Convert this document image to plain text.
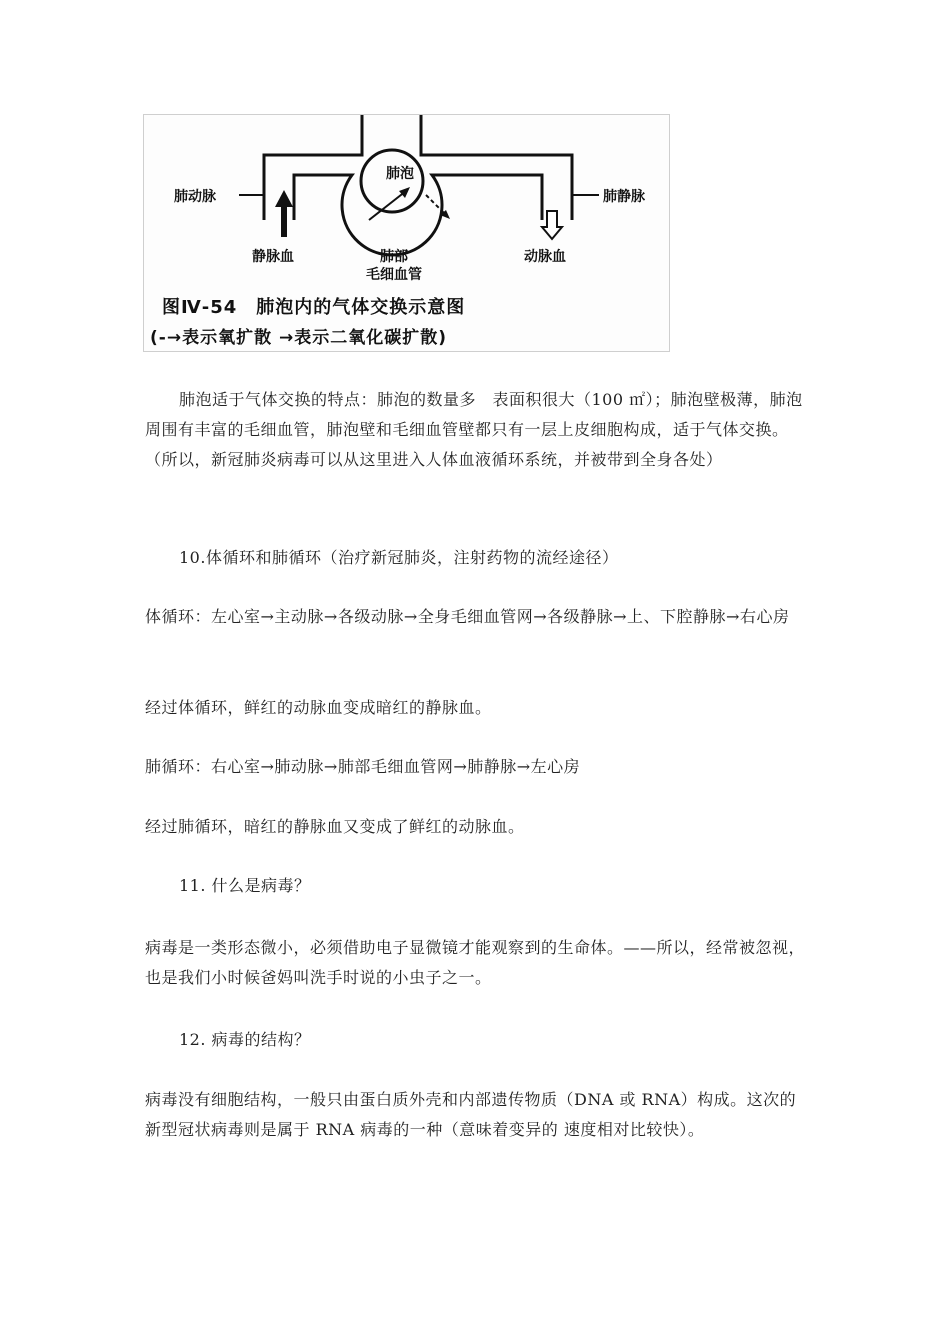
肺动脉
肺泡
肺静脉
静脉血	肺部
毛细血管
动脉血
图Ⅳ-54　肺泡内的气体交换示意图
(-→表示氧扩散 →表示二氧化碳扩散)

肺泡适于气体交换的特点：肺泡的数量多　表面积很大（100 ㎡）；肺泡壁极薄，肺泡周围有丰富的毛细血管，肺泡壁和毛细血管壁都只有一层上皮细胞构成，适于气体交换。（所以，新冠肺炎病毒可以从这里进入人体血液循环系统，并被带到全身各处）

10.体循环和肺循环（治疗新冠肺炎，注射药物的流经途径）

体循环：左心室→主动脉→各级动脉→全身毛细血管网→各级静脉→上、下腔静脉→右心房

经过体循环，鲜红的动脉血变成暗红的静脉血。

肺循环：右心室→肺动脉→肺部毛细血管网→肺静脉→左心房

经过肺循环，暗红的静脉血又变成了鲜红的动脉血。

11. 什么是病毒？

病毒是一类形态微小，必须借助电子显微镜才能观察到的生命体。——所以，经常被忽视，也是我们小时候爸妈叫洗手时说的小虫子之一。

12. 病毒的结构？

病毒没有细胞结构，一般只由蛋白质外壳和内部遗传物质（DNA 或 RNA）构成。这次的新型冠状病毒则是属于 RNA 病毒的一种（意味着变异的 速度相对比较快）。
